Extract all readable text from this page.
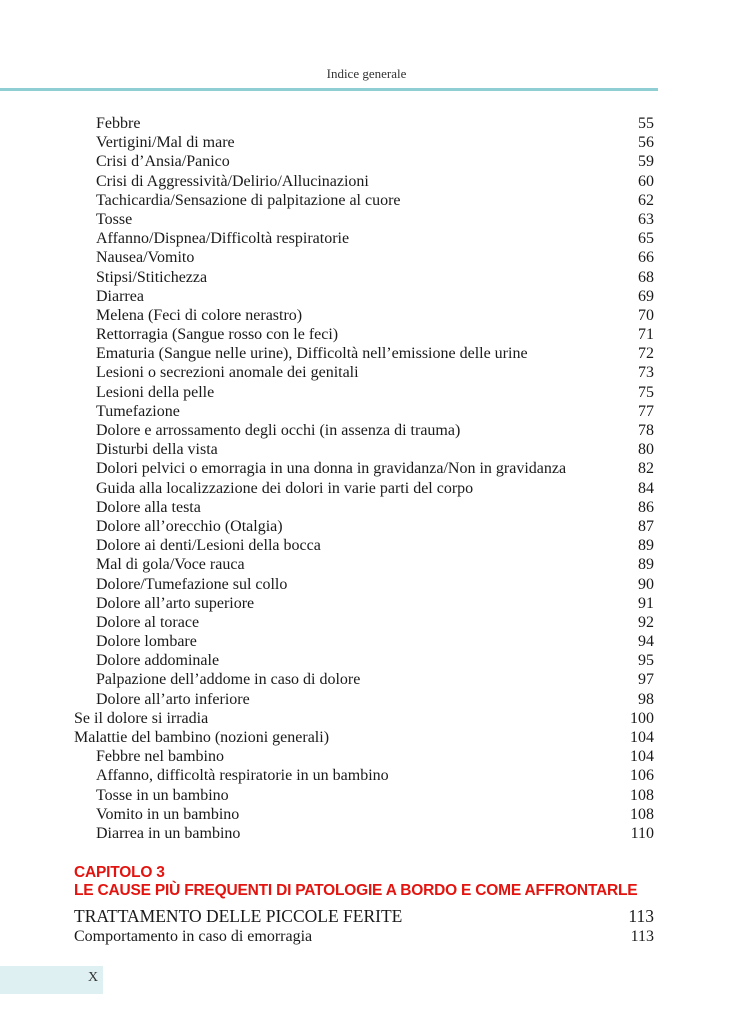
Indice generale
Febbre	55
Vertigini/Mal di mare	56
Crisi d’Ansia/Panico	59
Crisi di Aggressività/Delirio/Allucinazioni	60
Tachicardia/Sensazione di palpitazione al cuore	62
Tosse	63
Affanno/Dispnea/Difficoltà respiratorie	65
Nausea/Vomito	66
Stipsi/Stitichezza	68
Diarrea	69
Melena (Feci di colore nerastro)	70
Rettorragia (Sangue rosso con le feci)	71
Ematuria (Sangue nelle urine), Difficoltà nell’emissione delle urine	72
Lesioni o secrezioni anomale dei genitali	73
Lesioni della pelle	75
Tumefazione	77
Dolore e arrossamento degli occhi (in assenza di trauma)	78
Disturbi della vista	80
Dolori pelvici o emorragia in una donna in gravidanza/Non in gravidanza	82
Guida alla localizzazione dei dolori in varie parti del corpo	84
Dolore alla testa	86
Dolore all’orecchio (Otalgia)	87
Dolore ai denti/Lesioni della bocca	89
Mal di gola/Voce rauca	89
Dolore/Tumefazione sul collo	90
Dolore all’arto superiore	91
Dolore al torace	92
Dolore lombare	94
Dolore addominale	95
Palpazione dell’addome in caso di dolore	97
Dolore all’arto inferiore	98
Se il dolore si irradia	100
Malattie del bambino (nozioni generali)	104
Febbre nel bambino	104
Affanno, difficoltà respiratorie in un bambino	106
Tosse in un bambino	108
Vomito in un bambino	108
Diarrea in un bambino	110
CAPITOLO 3
LE CAUSE PIÙ FREQUENTI DI PATOLOGIE A BORDO E COME AFFRONTARLE
TRATTAMENTO DELLE PICCOLE FERITE	113
Comportamento in caso di emorragia	113
X
